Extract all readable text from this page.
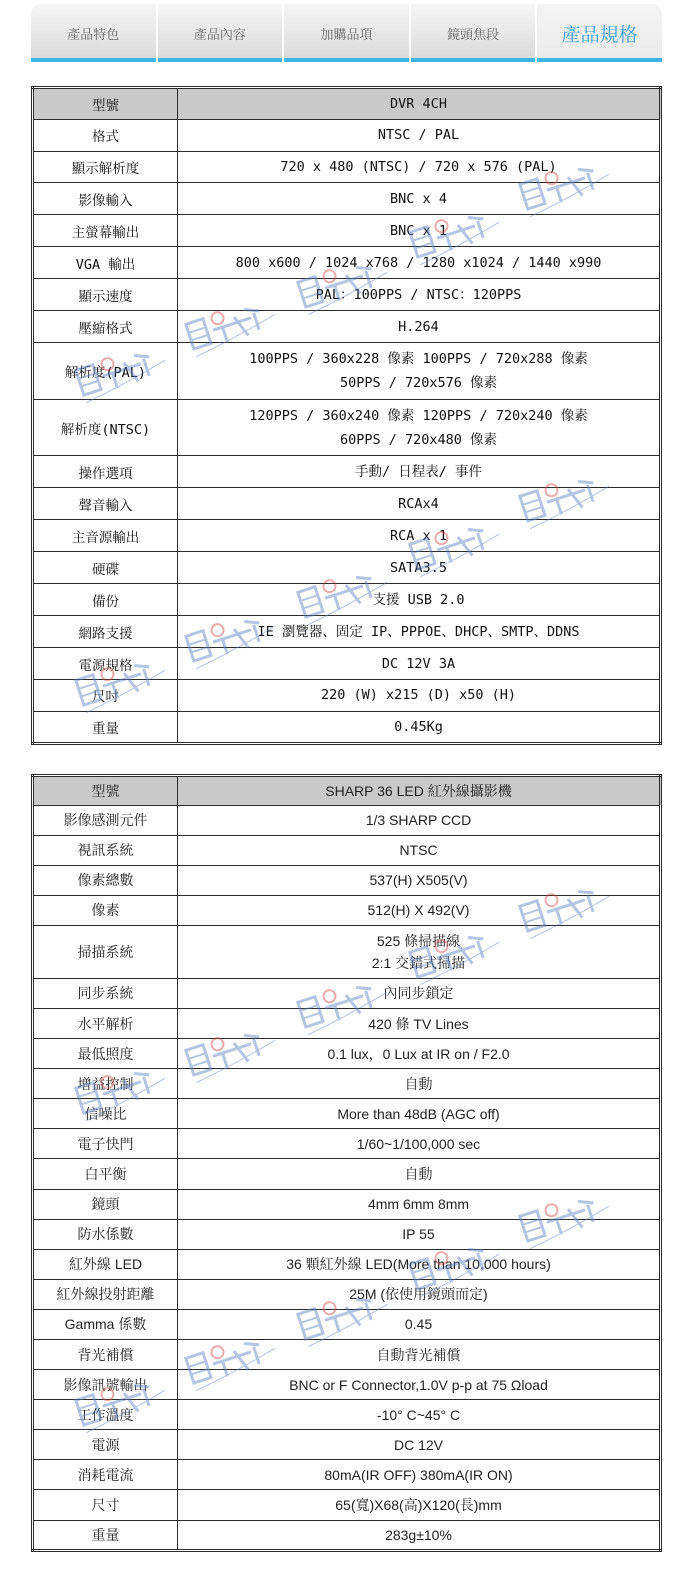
產品特色	產品內容	加購品項	鏡頭焦段	產品規格
型號	DVR 4CH
格式	NTSC / PAL

顯示解析度	720 x 480 (NTSC) / 720 x 576 (PAL)

影像輸入	BNC x 4

主螢幕輸出	BNC x 1

VGA 輸出	800 x600 / 1024 x768 / 1280 x1024 / 1440 x990

顯示速度	PAL：100PPS / NTSC：120PPS

壓縮格式	H.264

解析度(PAL)	100PPS / 360x228 像素 100PPS / 720x288 像素
50PPS / 720x576 像素

解析度(NTSC)	120PPS / 360x240 像素 120PPS / 720x240 像素
60PPS / 720x480 像素

操作選項	手動/ 日程表/ 事件

聲音輸入	RCAx4

主音源輸出	RCA x 1

硬碟	SATA3.5

備份	支援 USB 2.0

網路支援	IE 瀏覽器、固定 IP、PPPOE、DHCP、SMTP、DDNS

電源規格	DC 12V 3A

尺吋	220 (W) x215 (D) x50 (H)

重量	0.45Kg
型號	SHARP 36 LED 紅外線攝影機
影像感測元件	1/3 SHARP CCD

視訊系統	NTSC

像素總數	537(H) X505(V)

像素	512(H) X 492(V)

掃描系統	525 條掃描線
2:1 交錯式掃描

同步系統	內同步鎖定

水平解析	420 條 TV Lines

最低照度	0.1 lux，0 Lux at IR on / F2.0

增益控制	自動

信噪比	More than 48dB (AGC off)

電子快門	1/60~1/100,000 sec

白平衡	自動

鏡頭	4mm 6mm 8mm

防水係數	IP 55

紅外線 LED	36 顆紅外線 LED(More than 10,000 hours)

紅外線投射距離	25M (依使用鏡頭而定)

Gamma 係數	0.45

背光補償	自動背光補償

影像訊號輸出	BNC or F Connector,1.0V p-p at 75 Ωload

工作溫度	-10° C~45° C

電源	DC 12V

消耗電流	80mA(IR OFF) 380mA(IR ON)

尺寸	65(寬)X68(高)X120(長)mm

重量	283g±10%
